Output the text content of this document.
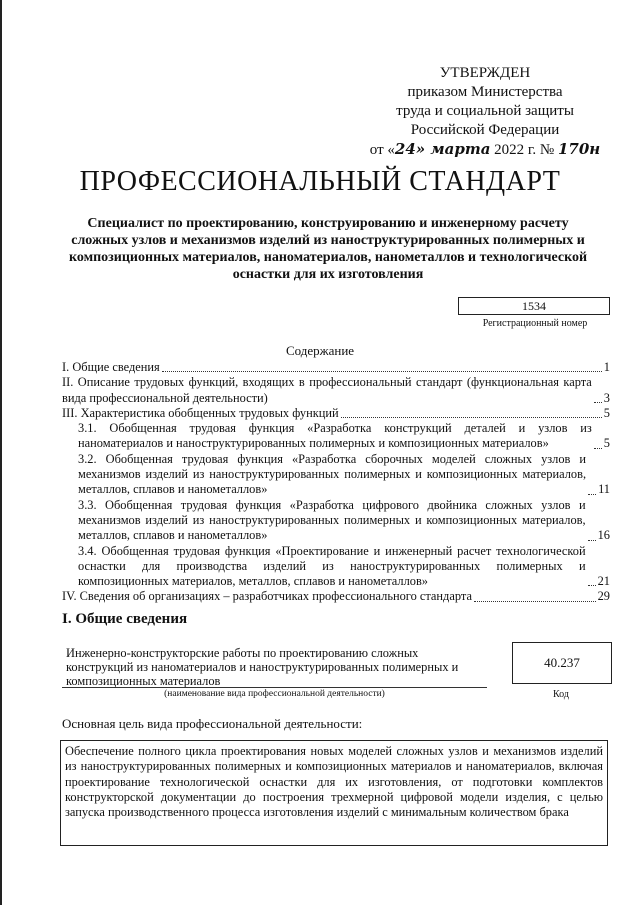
УТВЕРЖДЕН
приказом Министерства
труда и социальной защиты
Российской Федерации
от «24» марта 2022 г. № 170н
ПРОФЕССИОНАЛЬНЫЙ СТАНДАРТ
Специалист по проектированию, конструированию и инженерному расчету сложных узлов и механизмов изделий из наноструктурированных полимерных и композиционных материалов, наноматериалов, нанометаллов и технологической оснастки для их изготовления
1534
Регистрационный номер
Содержание
I. Общие сведения	1
II. Описание трудовых функций, входящих в профессиональный стандарт (функциональная карта вида профессиональной деятельности)	3
III. Характеристика обобщенных трудовых функций	5
3.1. Обобщенная трудовая функция «Разработка конструкций деталей и узлов из наноматериалов и наноструктурированных полимерных и композиционных материалов»	5
3.2. Обобщенная трудовая функция «Разработка сборочных моделей сложных узлов и механизмов изделий из наноструктурированных полимерных и композиционных материалов, металлов, сплавов и нанометаллов»	11
3.3. Обобщенная трудовая функция «Разработка цифрового двойника сложных узлов и механизмов изделий из наноструктурированных полимерных и композиционных материалов, металлов, сплавов и нанометаллов»	16
3.4. Обобщенная трудовая функция «Проектирование и инженерный расчет технологической оснастки для производства изделий из наноструктурированных полимерных и композиционных материалов, металлов, сплавов и нанометаллов»	21
IV. Сведения об организациях – разработчиках профессионального стандарта	29
I. Общие сведения
Инженерно-конструкторские работы по проектированию сложных конструкций из наноматериалов и наноструктурированных полимерных и композиционных материалов
(наименование вида профессиональной деятельности)
40.237
Код
Основная цель вида профессиональной деятельности:
Обеспечение полного цикла проектирования новых моделей сложных узлов и механизмов изделий из наноструктурированных полимерных и композиционных материалов и наноматериалов, включая проектирование технологической оснастки для их изготовления, от подготовки комплектов конструкторской документации до построения трехмерной цифровой модели изделия, с целью запуска производственного процесса изготовления изделий с минимальным количеством брака
